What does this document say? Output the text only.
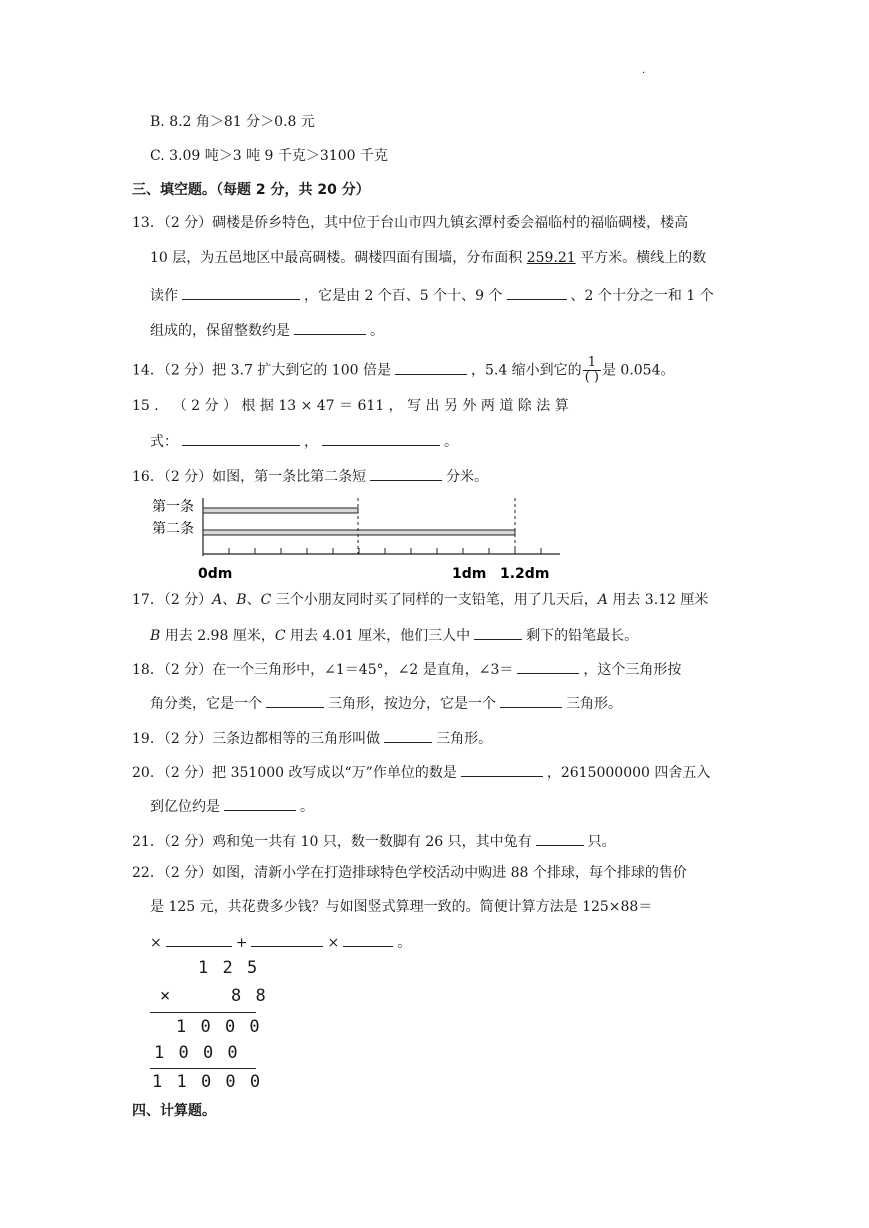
·
B. 8.2 角＞81 分＞0.8 元
C. 3.09 吨＞3 吨 9 千克＞3100 千克
三、填空题。（每题 2 分，共 20 分）
13．（2 分）碉楼是侨乡特色，其中位于台山市四九镇玄潭村委会福临村的福临碉楼，楼高
10 层，为五邑地区中最高碉楼。碉楼四面有围墙，分布面积 259.21 平方米。横线上的数
读作	，它是由 2 个百、5 个十、9 个	、2 个十分之一和 1 个
组成的，保留整数约是	。
14．（2 分）把 3.7 扩大到它的 100 倍是	，5.4 缩小到它的 $\frac{1}{( )}$ 是 0.054。
15 ． （ 2 分 ） 根 据 13 × 47 ＝ 611 ， 写 出 另 外 两 道 除 法 算
式：	，	。
16．（2 分）如图，第一条比第二条短	分米。
第一条
第二条
0dm	1dm 1.2dm
17．（2 分）A、B、C 三个小朋友同时买了同样的一支铅笔，用了几天后，A 用去 3.12 厘米
B 用去 2.98 厘米，C 用去 4.01 厘米，他们三人中	剩下的铅笔最长。
18．（2 分）在一个三角形中，∠1＝45°，∠2 是直角，∠3＝	，这个三角形按
角分类，它是一个	三角形，按边分，它是一个	三角形。
19．（2 分）三条边都相等的三角形叫做	三角形。
20．（2 分）把 351000 改写成以“万”作单位的数是	，2615000000 四舍五入
到亿位约是	。
21．（2 分）鸡和兔一共有 10 只，数一数脚有 26 只，其中兔有	只。
22．（2 分）如图，清新小学在打造排球特色学校活动中购进 88 个排球，每个排球的售价
是 125 元，共花费多少钱？与如图竖式算理一致的。简便计算方法是 125×88＝
×	+	×	。
1 2 5
×	8 8
1 0 0 0
1 0 0 0
1 1 0 0 0
四、计算题。
